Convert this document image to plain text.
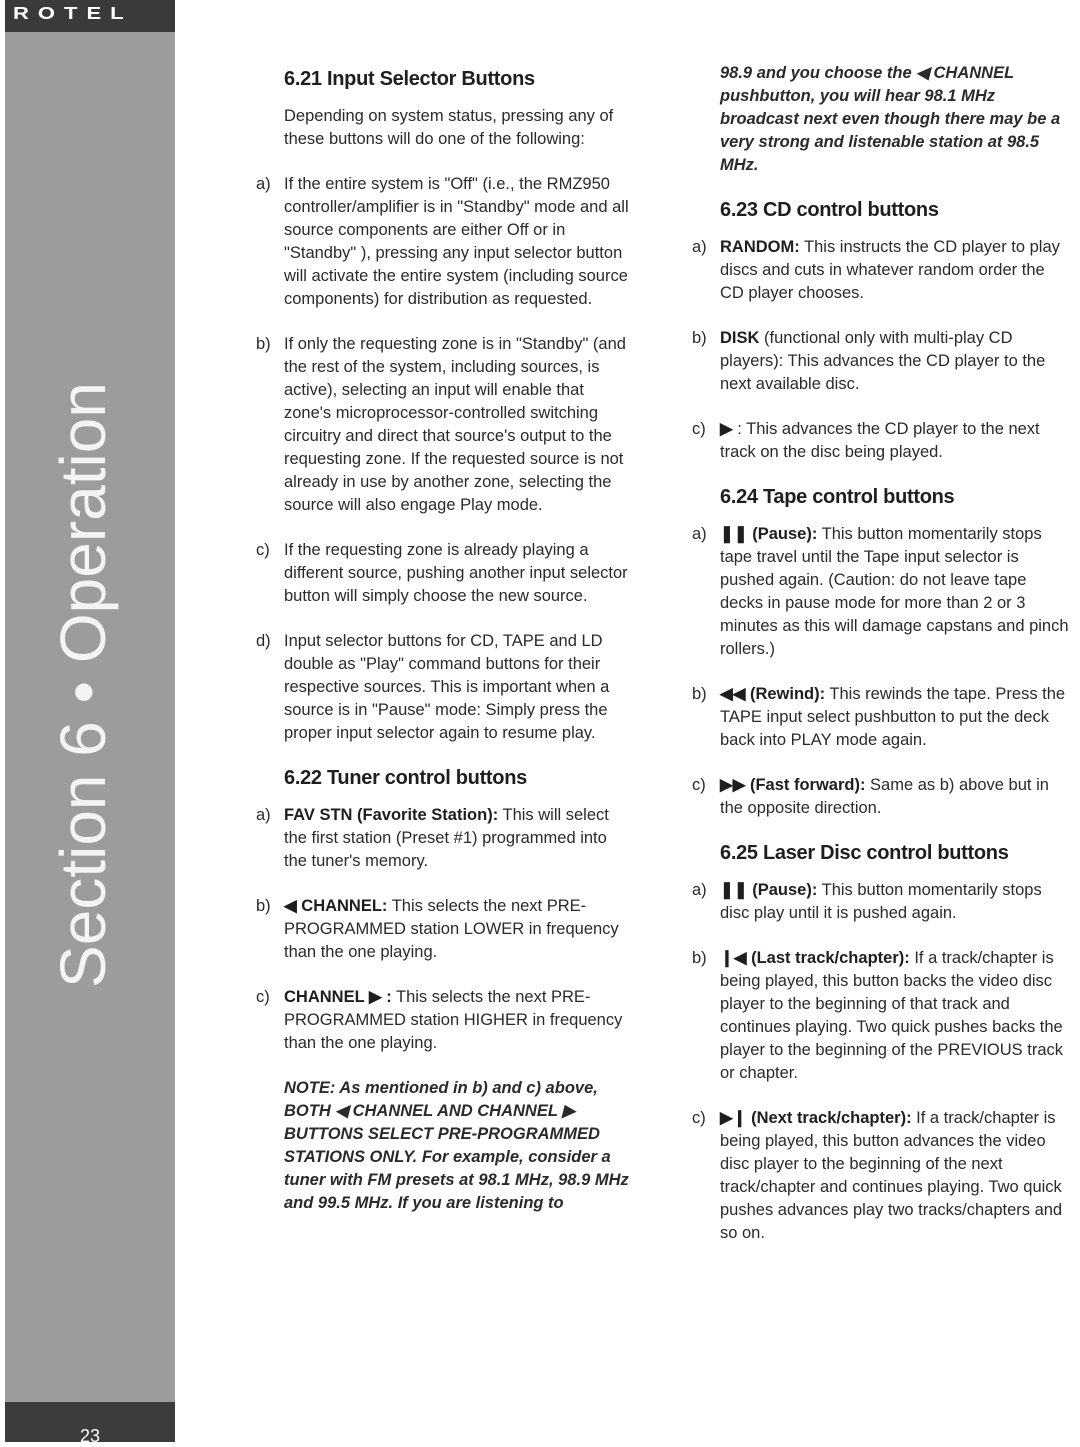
ROTEL
Section 6 • Operation
23
6.21 Input Selector Buttons

Depending on system status, pressing any of these buttons will do one of the following:

a) If the entire system is "Off" (i.e., the RMZ950 controller/amplifier is in "Standby" mode and all source components are either Off or in "Standby" ), pressing any input selector button will activate the entire system (including source components) for distribution as requested.
b) If only the requesting zone is in "Standby" (and the rest of the system, including sources, is active), selecting an input will enable that zone's microprocessor-controlled switching circuitry and direct that source's output to the requesting zone. If the requested source is not already in use by another zone, selecting the source will also engage Play mode.
c) If the requesting zone is already playing a different source, pushing another input selector button will simply choose the new source.
d) Input selector buttons for CD, TAPE and LD double as "Play" command buttons for their respective sources. This is important when a source is in "Pause" mode: Simply press the proper input selector again to resume play.
6.22 Tuner control buttons
a) FAV STN (Favorite Station): This will select the first station (Preset #1) programmed into the tuner's memory.
b) ◀ CHANNEL: This selects the next PRE-PROGRAMMED station LOWER in frequency than the one playing.
c) CHANNEL ▶ : This selects the next PRE-PROGRAMMED station HIGHER in frequency than the one playing.

NOTE: As mentioned in b) and c) above, BOTH ◀ CHANNEL AND CHANNEL ▶ BUTTONS SELECT PRE-PROGRAMMED STATIONS ONLY. For example, consider a tuner with FM presets at 98.1 MHz, 98.9 MHz and 99.5 MHz. If you are listening to

98.9 and you choose the ◀ CHANNEL pushbutton, you will hear 98.1 MHz broadcast next even though there may be a very strong and listenable station at 98.5 MHz.

6.23 CD control buttons
a) RANDOM: This instructs the CD player to play discs and cuts in whatever random order the CD player chooses.
b) DISK (functional only with multi-play CD players): This advances the CD player to the next available disc.
c) ▶ : This advances the CD player to the next track on the disc being played.
6.24 Tape control buttons
a) ❚❚ (Pause): This button momentarily stops tape travel until the Tape input selector is pushed again. (Caution: do not leave tape decks in pause mode for more than 2 or 3 minutes as this will damage capstans and pinch rollers.)
b) ◀◀ (Rewind): This rewinds the tape. Press the TAPE input select pushbutton to put the deck back into PLAY mode again.
c) ▶▶ (Fast forward): Same as b) above but in the opposite direction.
6.25 Laser Disc control buttons
a) ❚❚ (Pause): This button momentarily stops disc play until it is pushed again.
b) ❙◀ (Last track/chapter): If a track/chapter is being played, this button backs the video disc player to the beginning of that track and continues playing. Two quick pushes backs the player to the beginning of the PREVIOUS track or chapter.
c) ▶❙ (Next track/chapter): If a track/chapter is being played, this button advances the video disc player to the beginning of the next track/chapter and continues playing. Two quick pushes advances play two tracks/chapters and so on.
